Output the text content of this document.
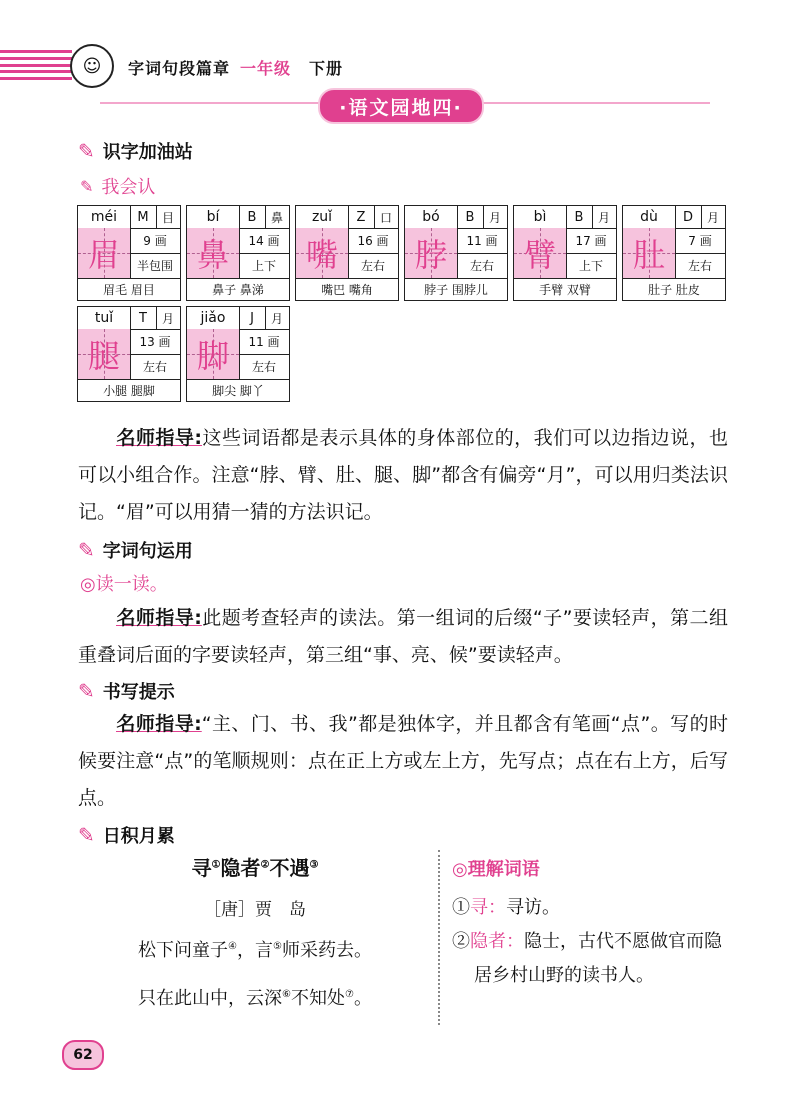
☺	字词句段篇章 一年级 下册
·语文园地四·
✎ 识字加油站
✎ 我会认
méi	M	目
眉	9 画
半包围
眉毛 眉目
bí	B	鼻
鼻	14 画
上下
鼻子 鼻涕
zuǐ	Z	口
嘴	16 画
左右
嘴巴 嘴角
bó	B	月
脖	11 画
左右
脖子 围脖儿
bì	B	月
臂	17 画
上下
手臂 双臂
dù	D	月
肚	7 画
左右
肚子 肚皮
tuǐ	T	月
腿	13 画
左右
小腿 腿脚
jiǎo	J	月
脚	11 画
左右
脚尖 脚丫
名师指导:这些词语都是表示具体的身体部位的，我们可以边指边说，也可以小组合作。注意“脖、臂、肚、腿、脚”都含有偏旁“月”，可以用归类法识记。“眉”可以用猜一猜的方法识记。
✎ 字词句运用
◎读一读。
名师指导:此题考查轻声的读法。第一组词的后缀“子”要读轻声，第二组重叠词后面的字要读轻声，第三组“事、亮、候”要读轻声。
✎ 书写提示
名师指导:“主、门、书、我”都是独体字，并且都含有笔画“点”。写的时候要注意“点”的笔顺规则：点在正上方或左上方，先写点；点在右上方，后写点。
✎ 日积月累
寻①隐者②不遇③
［唐］贾　岛
松下问童子④，言⑤师采药去。
只在此山中，云深⑥不知处⑦。
◎理解词语
①寻：寻访。
②隐者：隐士，古代不愿做官而隐居乡村山野的读书人。
62
